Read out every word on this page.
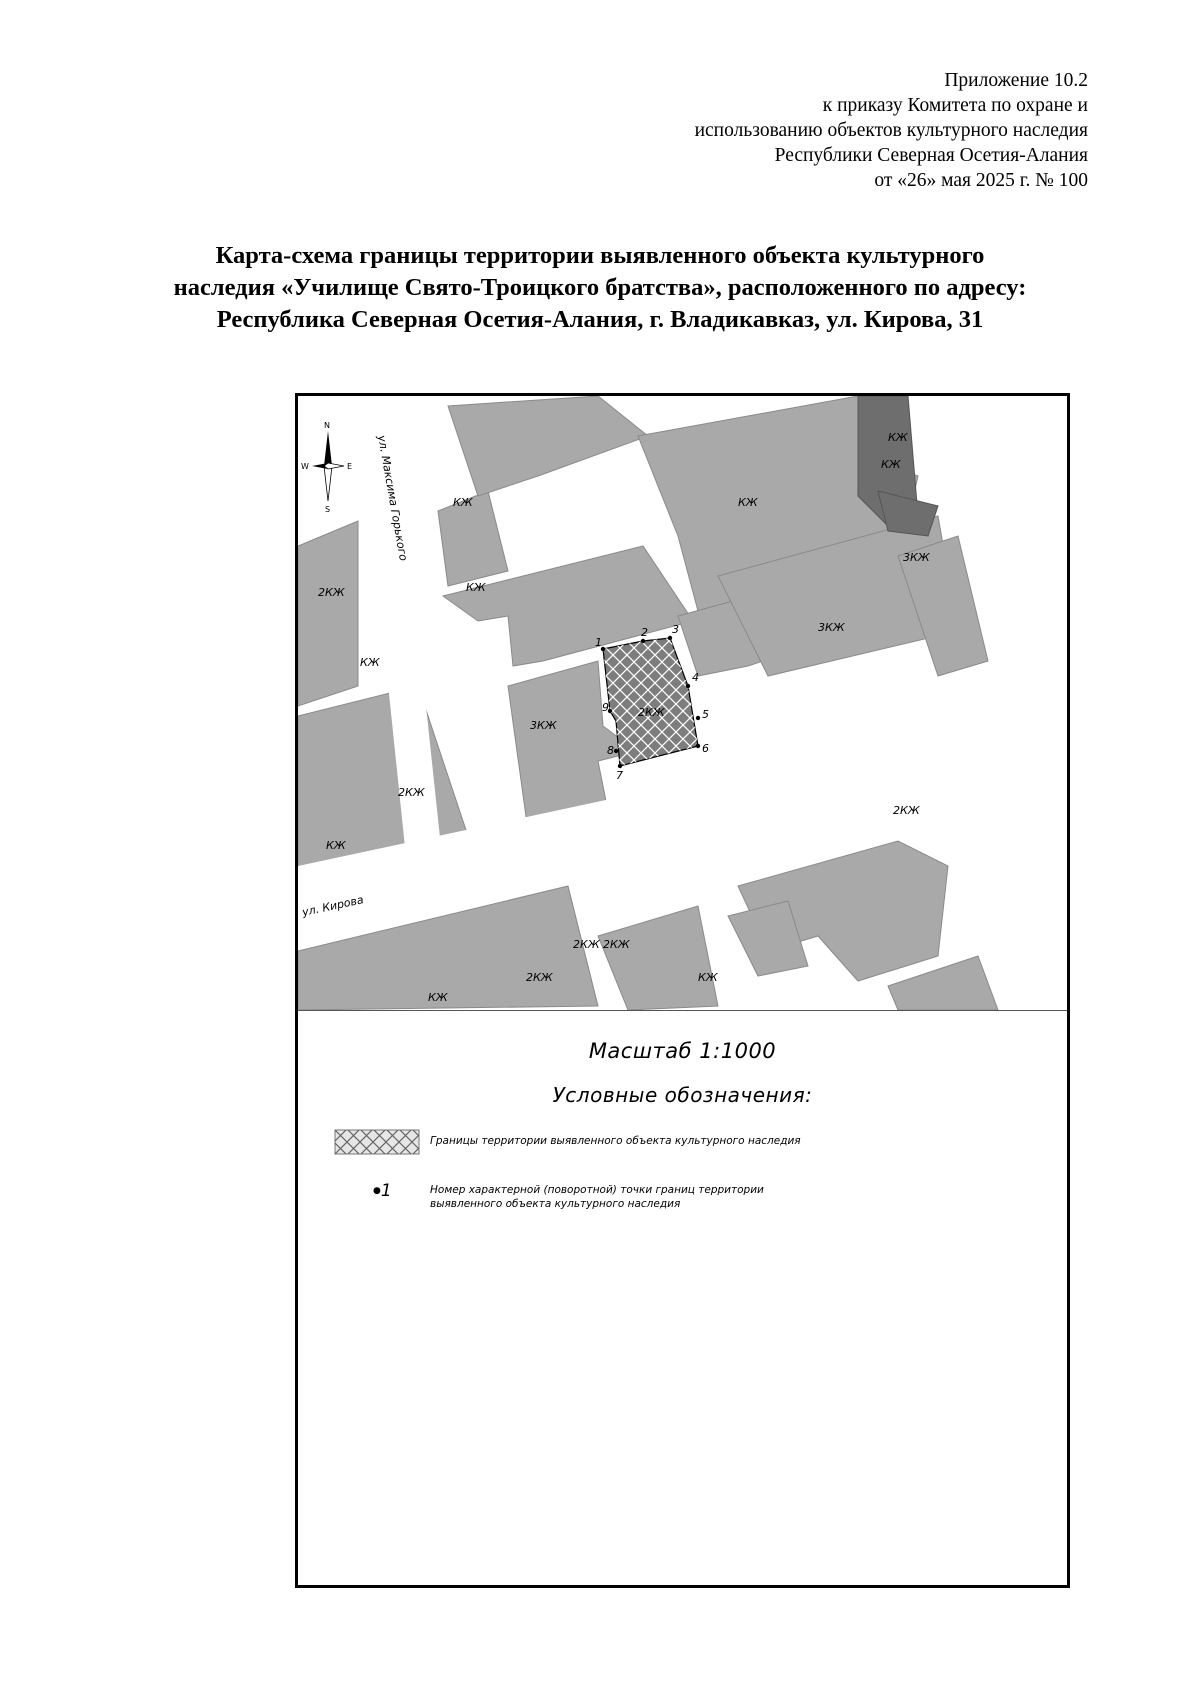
Приложение 10.2
к приказу Комитета по охране и
использованию объектов культурного наследия
Республики Северная Осетия-Алания
от «26» мая 2025 г. № 100
Карта-схема границы территории выявленного объекта культурного
наследия «Училище Свято-Троицкого братства», расположенного по адресу:
Республика Северная Осетия-Алания, г. Владикавказ, ул. Кирова, 31
1
2 3
4
5
6
7
8
9
КЖ
КЖ
2КЖ
КЖ
КЖ
3КЖ
2КЖ
КЖ
2КЖ
2КЖ
3КЖ
3КЖ
2КЖ
2КЖ 2КЖ
КЖ
КЖ
КЖ
КЖ
ул. Кирова
ул. Максима Горького
N
W	E
S
Масштаб 1:1000
Условные обозначения:
Границы территории выявленного объекта культурного наследия
●1	Номер характерной (поворотной) точки границ территории
выявленного объекта культурного наследия
